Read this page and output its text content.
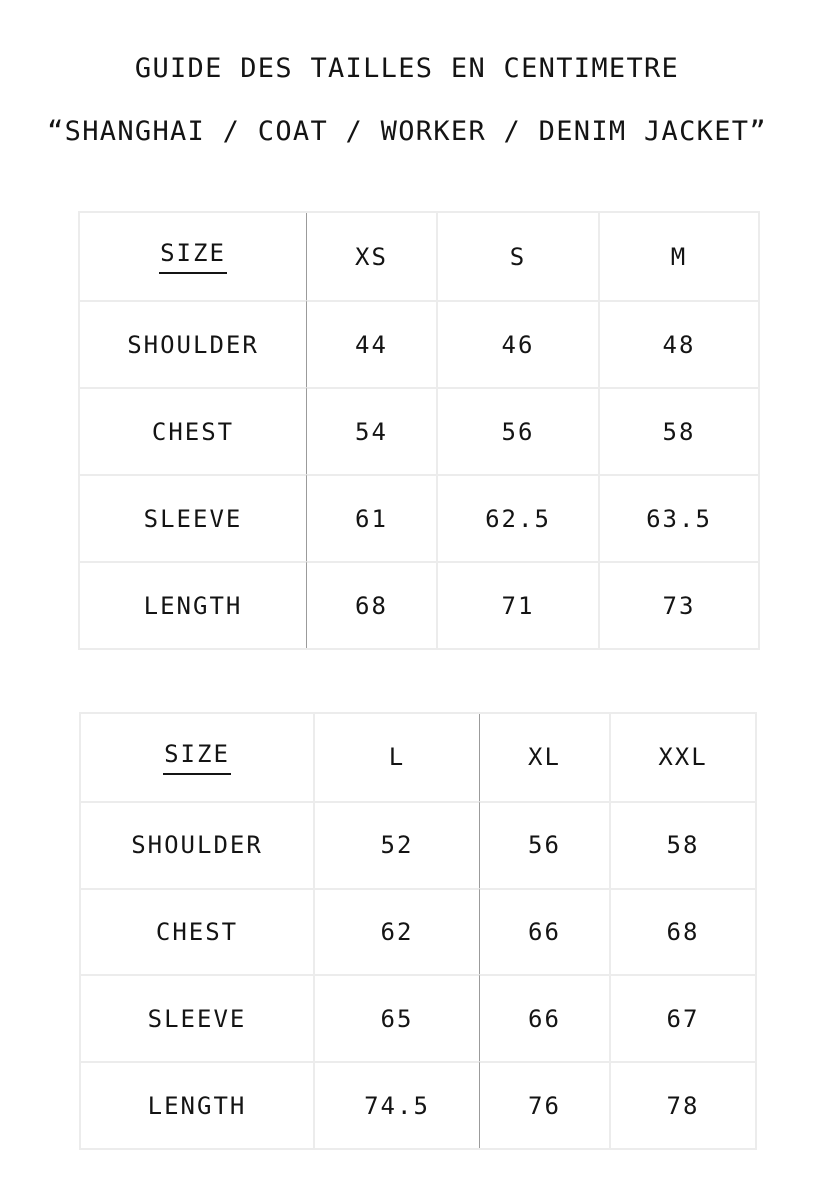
GUIDE DES TAILLES EN CENTIMETRE
“SHANGHAI / COAT / WORKER / DENIM JACKET”
SIZE	XS	S	M
SHOULDER	44	46	48
CHEST	54	56	58
SLEEVE	61	62.5	63.5
LENGTH	68	71	73
SIZE	L	XL	XXL
SHOULDER	52	56	58
CHEST	62	66	68
SLEEVE	65	66	67
LENGTH	74.5	76	78
